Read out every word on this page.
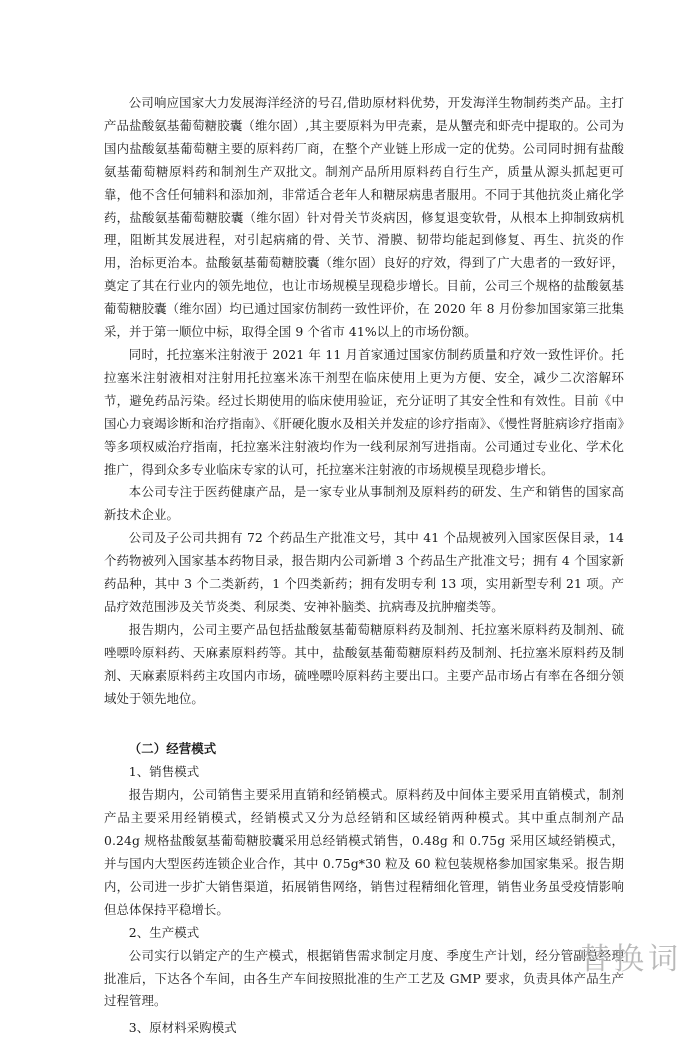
公司响应国家大力发展海洋经济的号召,借助原材料优势，开发海洋生物制药类产品。主打产品盐酸氨基葡萄糖胶囊（维尔固）,其主要原料为甲壳素，是从蟹壳和虾壳中提取的。公司为国内盐酸氨基葡萄糖主要的原料药厂商，在整个产业链上形成一定的优势。公司同时拥有盐酸氨基葡萄糖原料药和制剂生产双批文。制剂产品所用原料药自行生产，质量从源头抓起更可靠，他不含任何辅料和添加剂，非常适合老年人和糖尿病患者服用。不同于其他抗炎止痛化学药，盐酸氨基葡萄糖胶囊（维尔固）针对骨关节炎病因，修复退变软骨，从根本上抑制致病机理，阻断其发展进程，对引起病痛的骨、关节、滑膜、韧带均能起到修复、再生、抗炎的作用，治标更治本。盐酸氨基葡萄糖胶囊（维尔固）良好的疗效，得到了广大患者的一致好评，奠定了其在行业内的领先地位，也让市场规模呈现稳步增长。目前，公司三个规格的盐酸氨基葡萄糖胶囊（维尔固）均已通过国家仿制药一致性评价，在 2020 年 8 月份参加国家第三批集采，并于第一顺位中标，取得全国 9 个省市 41%以上的市场份额。

同时，托拉塞米注射液于 2021 年 11 月首家通过国家仿制药质量和疗效一致性评价。托拉塞米注射液相对注射用托拉塞米冻干剂型在临床使用上更为方便、安全，减少二次溶解环节，避免药品污染。经过长期使用的临床使用验证，充分证明了其安全性和有效性。目前《中国心力衰竭诊断和治疗指南》、《肝硬化腹水及相关并发症的诊疗指南》、《慢性肾脏病诊疗指南》等多项权威治疗指南，托拉塞米注射液均作为一线利尿剂写进指南。公司通过专业化、学术化推广，得到众多专业临床专家的认可，托拉塞米注射液的市场规模呈现稳步增长。

本公司专注于医药健康产品，是一家专业从事制剂及原料药的研发、生产和销售的国家高新技术企业。

公司及子公司共拥有 72 个药品生产批准文号，其中 41 个品规被列入国家医保目录，14 个药物被列入国家基本药物目录，报告期内公司新增 3 个药品生产批准文号；拥有 4 个国家新药品种，其中 3 个二类新药，1 个四类新药；拥有发明专利 13 项，实用新型专利 21 项。产品疗效范围涉及关节炎类、利尿类、安神补脑类、抗病毒及抗肿瘤类等。

报告期内，公司主要产品包括盐酸氨基葡萄糖原料药及制剂、托拉塞米原料药及制剂、硫唑嘌呤原料药、天麻素原料药等。其中，盐酸氨基葡萄糖原料药及制剂、托拉塞米原料药及制剂、天麻素原料药主攻国内市场，硫唑嘌呤原料药主要出口。主要产品市场占有率在各细分领域处于领先地位。

（二）经营模式
1、销售模式

报告期内，公司销售主要采用直销和经销模式。原料药及中间体主要采用直销模式，制剂产品主要采用经销模式，经销模式又分为总经销和区域经销两种模式。其中重点制剂产品 0.24g 规格盐酸氨基葡萄糖胶囊采用总经销模式销售，0.48g 和 0.75g 采用区域经销模式，并与国内大型医药连锁企业合作，其中 0.75g*30 粒及 60 粒包装规格参加国家集采。报告期内，公司进一步扩大销售渠道，拓展销售网络，销售过程精细化管理，销售业务虽受疫情影响但总体保持平稳增长。

2、生产模式

公司实行以销定产的生产模式，根据销售需求制定月度、季度生产计划，经分管副总经理批准后，下达各个车间，由各生产车间按照批准的生产工艺及 GMP 要求，负责具体产品生产过程管理。

3、原材料采购模式
替换词
